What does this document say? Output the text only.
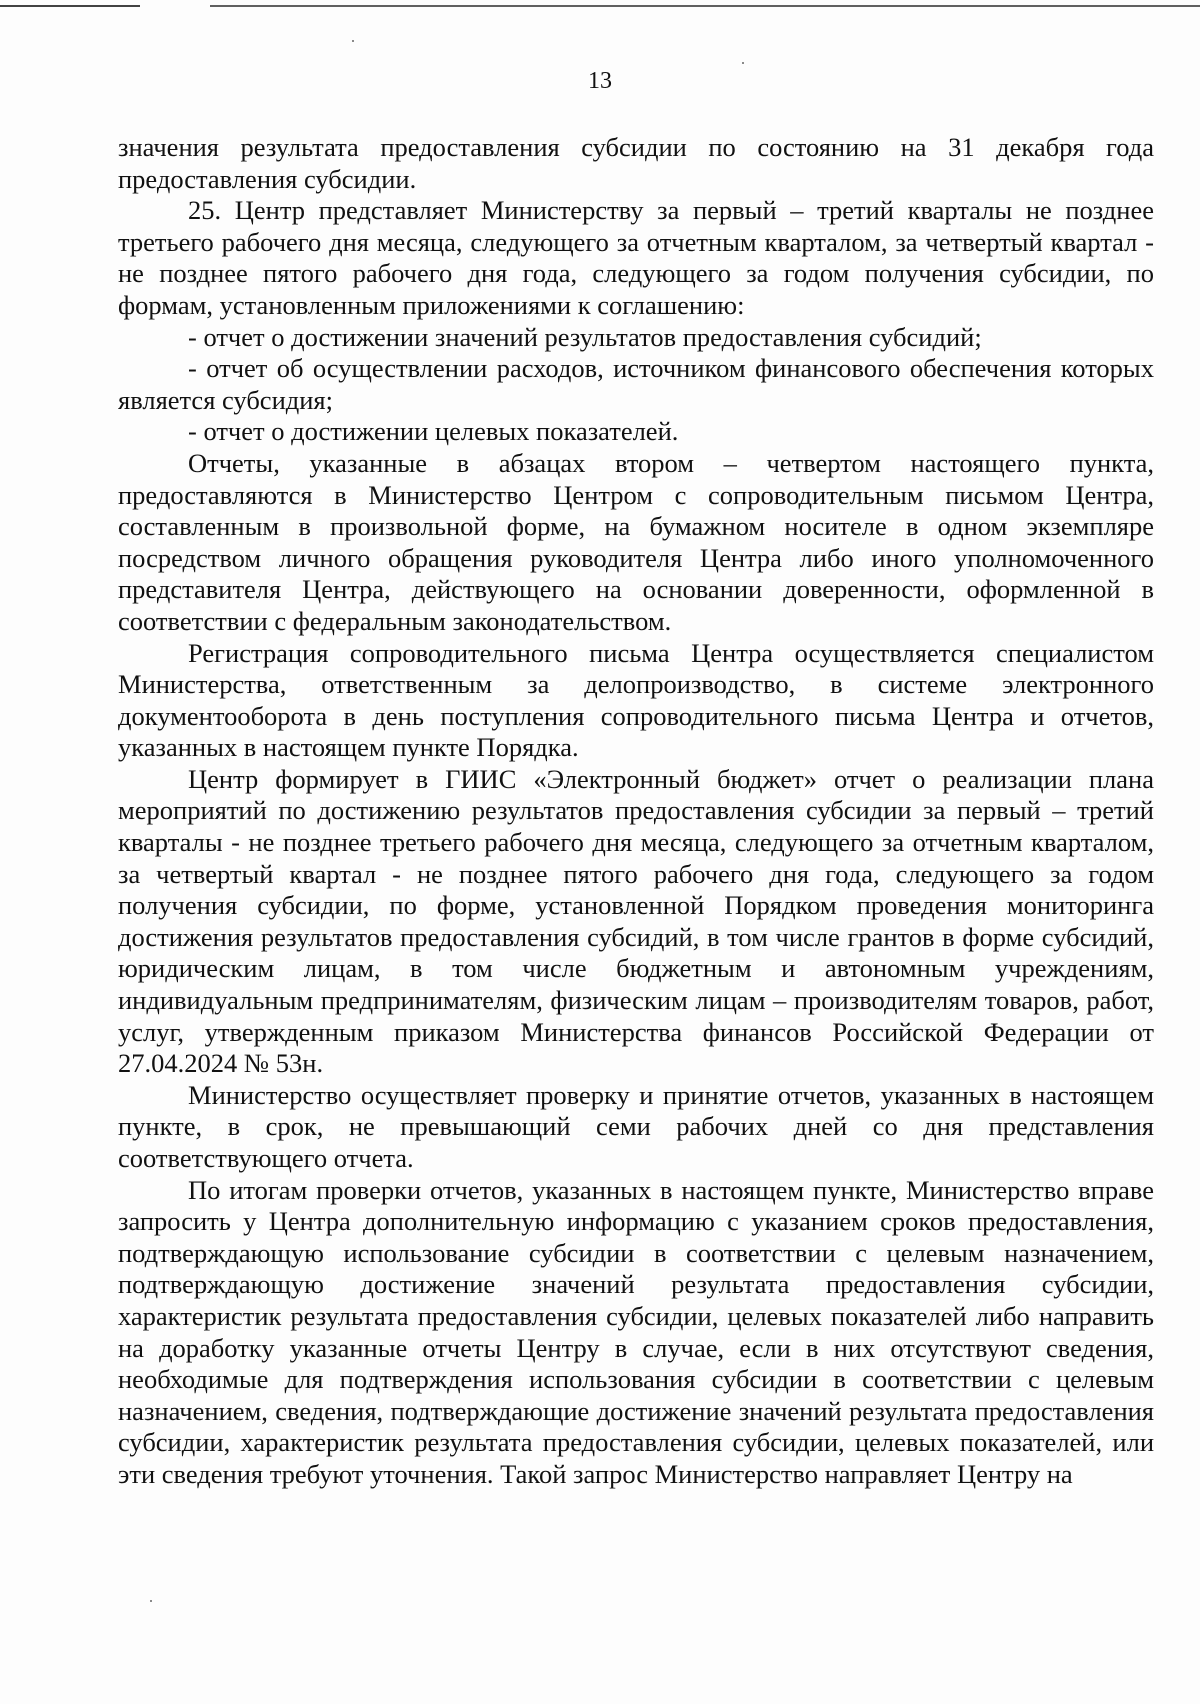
13

значения результата предоставления субсидии по состоянию на 31 декабря года предоставления субсидии.

25. Центр представляет Министерству за первый – третий кварталы не позднее третьего рабочего дня месяца, следующего за отчетным кварталом, за четвертый квартал - не позднее пятого рабочего дня года, следующего за годом получения субсидии, по формам, установленным приложениями к соглашению:

- отчет о достижении значений результатов предоставления субсидий;

- отчет об осуществлении расходов, источником финансового обеспечения которых является субсидия;

- отчет о достижении целевых показателей.

Отчеты, указанные в абзацах втором – четвертом настоящего пункта, предоставляются в Министерство Центром с сопроводительным письмом Центра, составленным в произвольной форме, на бумажном носителе в одном экземпляре посредством личного обращения руководителя Центра либо иного уполномоченного представителя Центра, действующего на основании доверенности, оформленной в соответствии с федеральным законодательством.

Регистрация сопроводительного письма Центра осуществляется специалистом Министерства, ответственным за делопроизводство, в системе электронного документооборота в день поступления сопроводительного письма Центра и отчетов, указанных в настоящем пункте Порядка.

Центр формирует в ГИИС «Электронный бюджет» отчет о реализации плана мероприятий по достижению результатов предоставления субсидии за первый – третий кварталы - не позднее третьего рабочего дня месяца, следующего за отчетным кварталом, за четвертый квартал - не позднее пятого рабочего дня года, следующего за годом получения субсидии, по форме, установленной Порядком проведения мониторинга достижения результатов предоставления субсидий, в том числе грантов в форме субсидий, юридическим лицам, в том числе бюджетным и автономным учреждениям, индивидуальным предпринимателям, физическим лицам – производителям товаров, работ, услуг, утвержденным приказом Министерства финансов Российской Федерации от 27.04.2024 № 53н.

Министерство осуществляет проверку и принятие отчетов, указанных в настоящем пункте, в срок, не превышающий семи рабочих дней со дня представления соответствующего отчета.

По итогам проверки отчетов, указанных в настоящем пункте, Министерство вправе запросить у Центра дополнительную информацию с указанием сроков предоставления, подтверждающую использование субсидии в соответствии с целевым назначением, подтверждающую достижение значений результата предоставления субсидии, характеристик результата предоставления субсидии, целевых показателей либо направить на доработку указанные отчеты Центру в случае, если в них отсутствуют сведения, необходимые для подтверждения использования субсидии в соответствии с целевым назначением, сведения, подтверждающие достижение значений результата предоставления субсидии, характеристик результата предоставления субсидии, целевых показателей, или эти сведения требуют уточнения. Такой запрос Министерство направляет Центру на
